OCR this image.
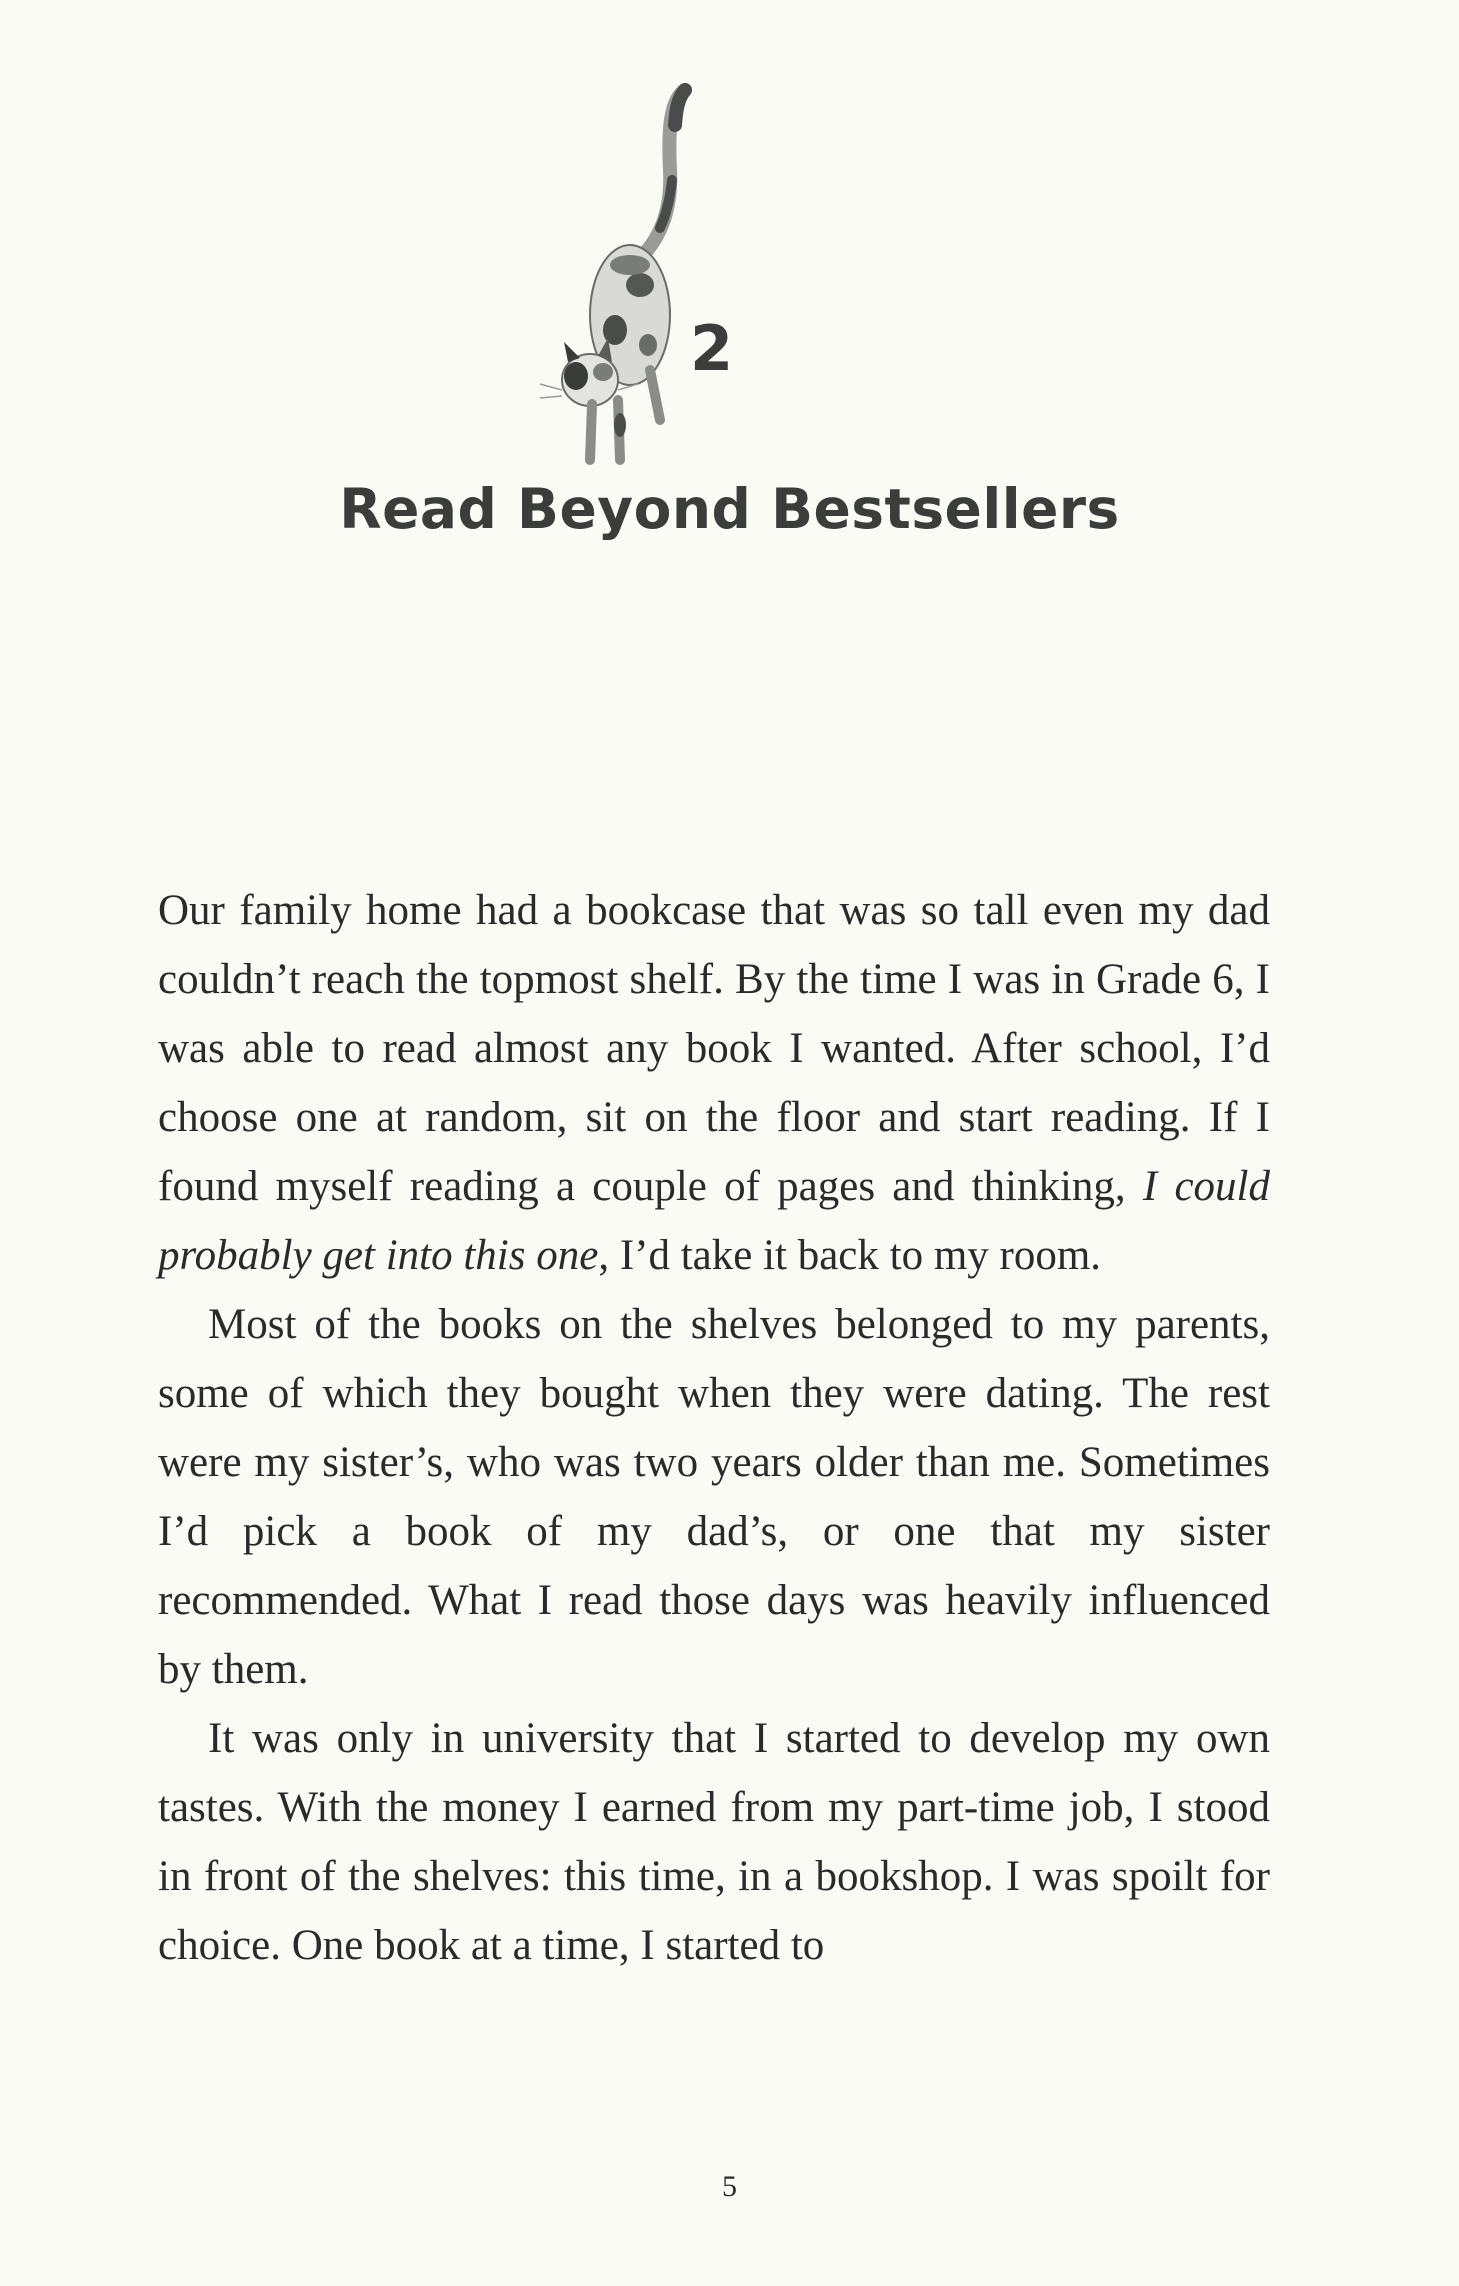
2
Read Beyond Bestsellers

Our family home had a bookcase that was so tall even my dad couldn’t reach the topmost shelf. By the time I was in Grade 6, I was able to read almost any book I wanted. After school, I’d choose one at random, sit on the floor and start reading. If I found myself reading a couple of pages and thinking, I could probably get into this one, I’d take it back to my room.

Most of the books on the shelves belonged to my parents, some of which they bought when they were dating. The rest were my sister’s, who was two years older than me. Sometimes I’d pick a book of my dad’s, or one that my sister recommended. What I read those days was heavily influenced by them.

It was only in university that I started to develop my own tastes. With the money I earned from my part-time job, I stood in front of the shelves: this time, in a bookshop. I was spoilt for choice. One book at a time, I started to

5
